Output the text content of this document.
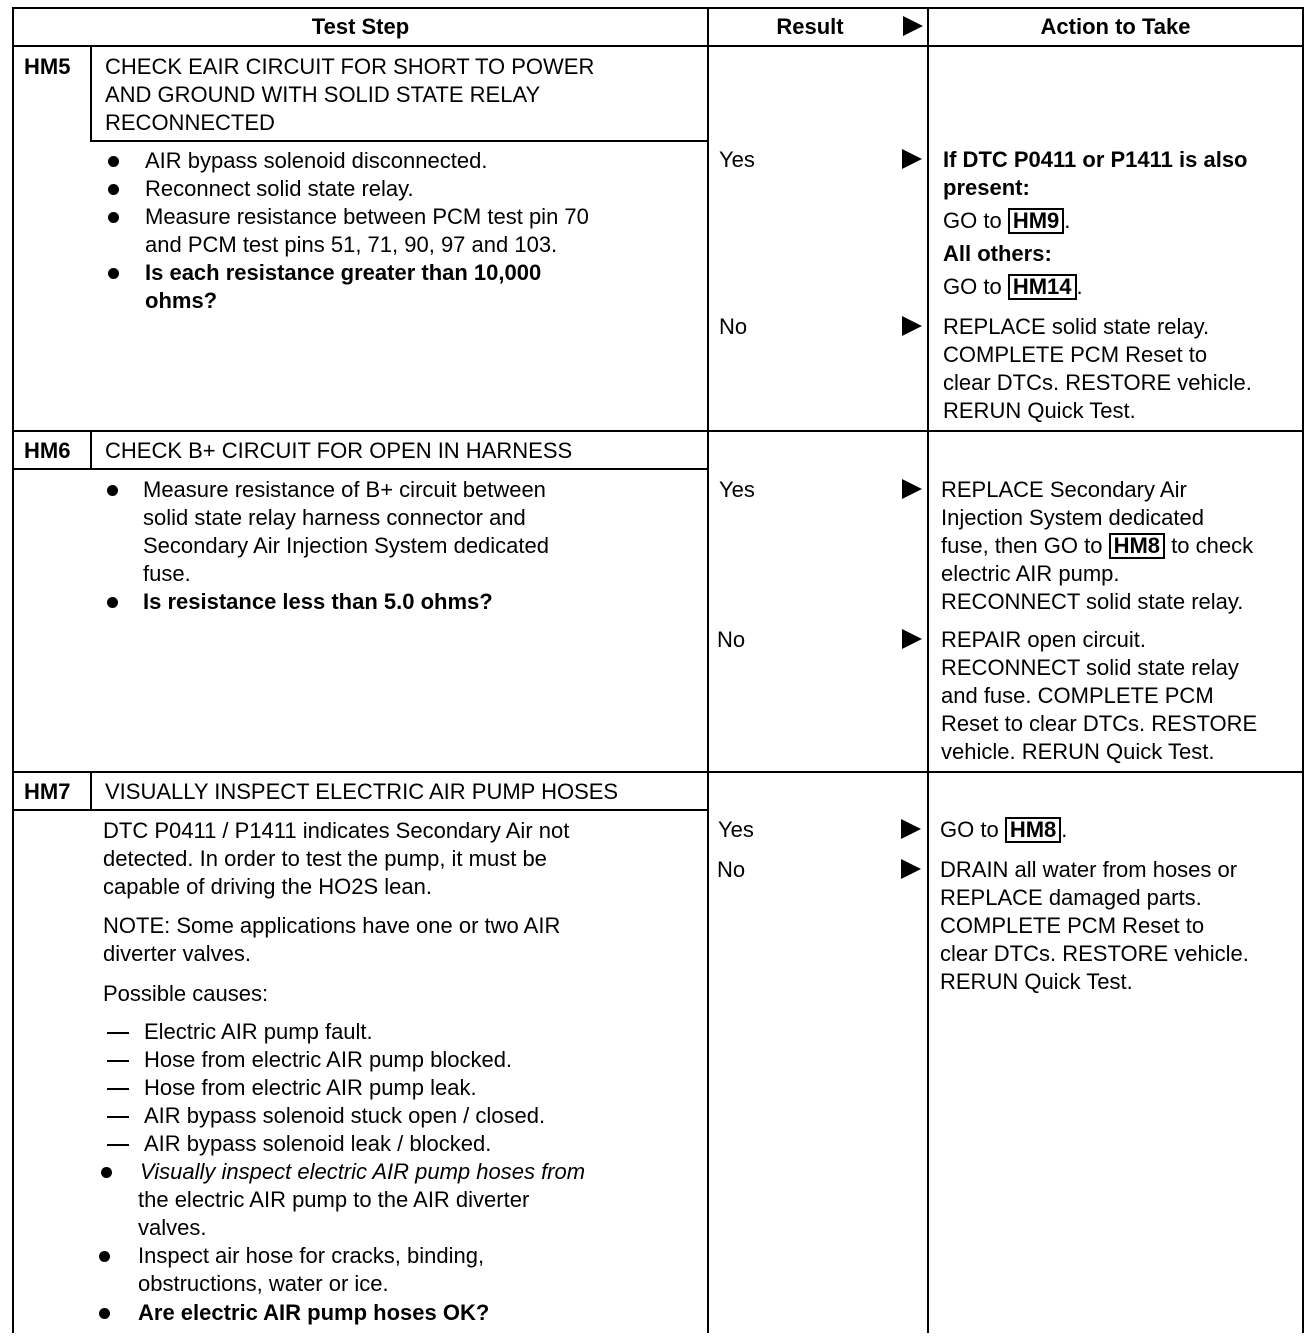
Test Step	Result	Action to Take
HM5 CHECK EAIR CIRCUIT FOR SHORT TO POWER
AND GROUND WITH SOLID STATE RELAY
RECONNECTED
AIR bypass solenoid disconnected.
Reconnect solid state relay.
Measure resistance between PCM test pin 70
and PCM test pins 51, 71, 90, 97 and 103.
Is each resistance greater than 10,000
ohms?
Yes	If DTC P0411 or P1411 is also
present:
GO to HM9 .
All others:
GO to HM14 .
No	REPLACE solid state relay.
COMPLETE PCM Reset to
clear DTCs. RESTORE vehicle.
RERUN Quick Test.
HM6 CHECK B+ CIRCUIT FOR OPEN IN HARNESS
Measure resistance of B+ circuit between
solid state relay harness connector and
Secondary Air Injection System dedicated
fuse.
Is resistance less than 5.0 ohms?
Yes	REPLACE Secondary Air
Injection System dedicated
fuse, then GO to HM8 to check
electric AIR pump.
RECONNECT solid state relay.
No	REPAIR open circuit.
RECONNECT solid state relay
and fuse. COMPLETE PCM
Reset to clear DTCs. RESTORE
vehicle. RERUN Quick Test.
HM7 VISUALLY INSPECT ELECTRIC AIR PUMP HOSES
DTC P0411 / P1411 indicates Secondary Air not
detected. In order to test the pump, it must be
capable of driving the HO2S lean.
NOTE: Some applications have one or two AIR
diverter valves.
Possible causes:
Electric AIR pump fault.
Hose from electric AIR pump blocked.
Hose from electric AIR pump leak.
AIR bypass solenoid stuck open / closed.
AIR bypass solenoid leak / blocked.
Visually inspect electric AIR pump hoses from
the electric AIR pump to the AIR diverter
valves.
Inspect air hose for cracks, binding,
obstructions, water or ice.
Are electric AIR pump hoses OK?
Yes	GO to HM8 .
No	DRAIN all water from hoses or
REPLACE damaged parts.
COMPLETE PCM Reset to
clear DTCs. RESTORE vehicle.
RERUN Quick Test.
